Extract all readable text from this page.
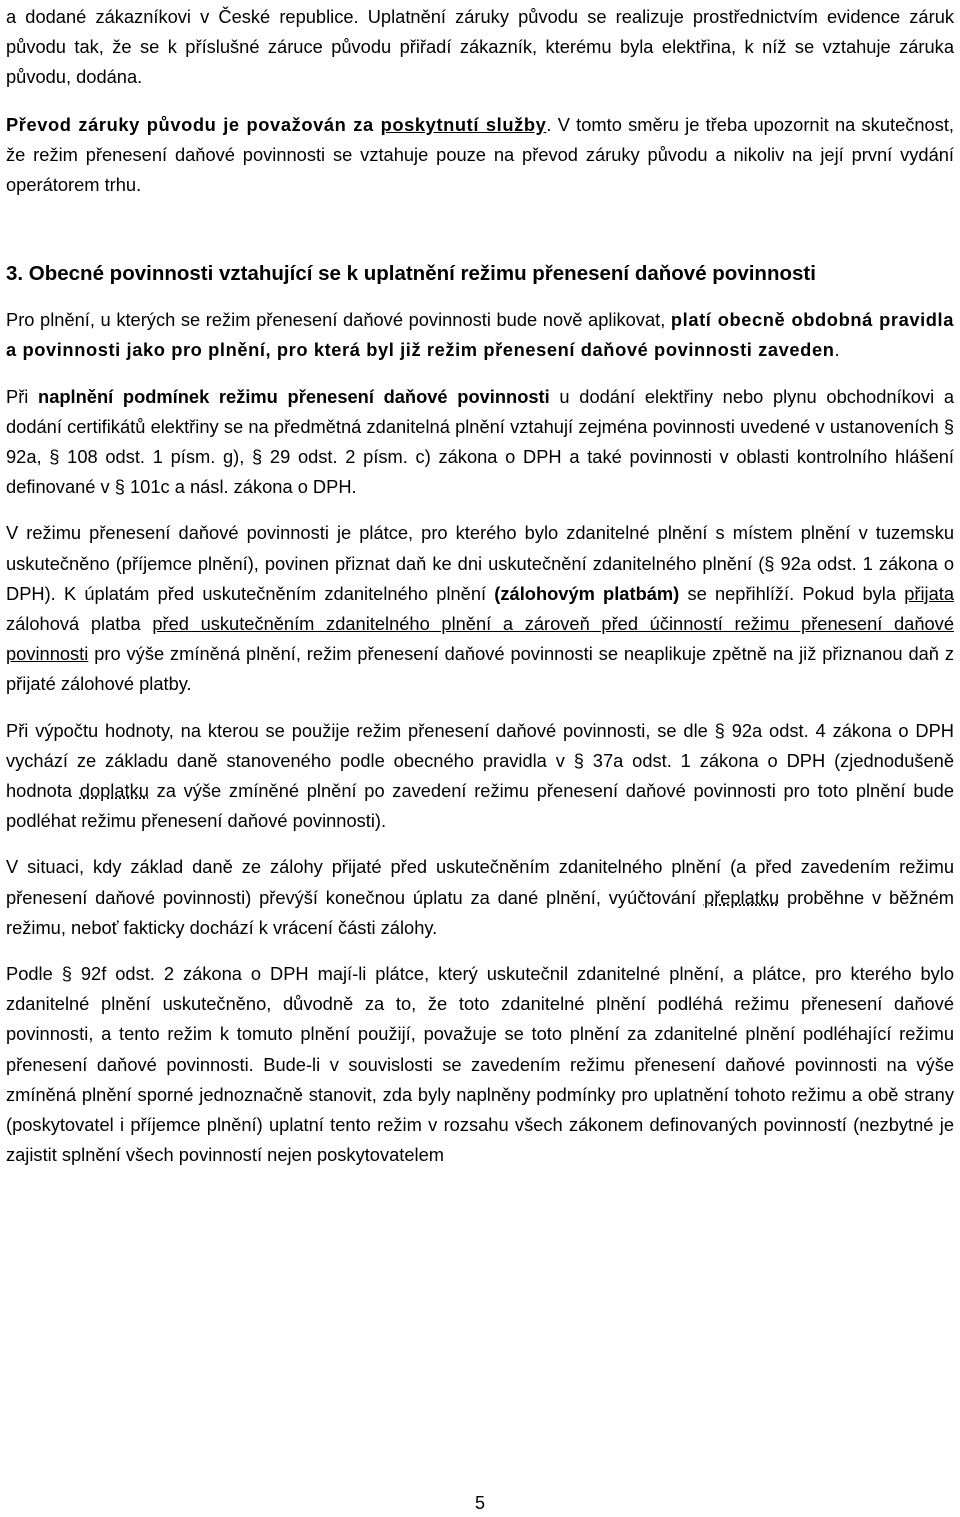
a dodané zákazníkovi v České republice. Uplatnění záruky původu se realizuje prostřednictvím evidence záruk původu tak, že se k příslušné záruce původu přiřadí zákazník, kterému byla elektřina, k níž se vztahuje záruka původu, dodána.

Převod záruky původu je považován za poskytnutí služby. V tomto směru je třeba upozornit na skutečnost, že režim přenesení daňové povinnosti se vztahuje pouze na převod záruky původu a nikoliv na její první vydání operátorem trhu.

3. Obecné povinnosti vztahující se k uplatnění režimu přenesení daňové povinnosti

Pro plnění, u kterých se režim přenesení daňové povinnosti bude nově aplikovat, platí obecně obdobná pravidla a povinnosti jako pro plnění, pro která byl již režim přenesení daňové povinnosti zaveden.

Při naplnění podmínek režimu přenesení daňové povinnosti u dodání elektřiny nebo plynu obchodníkovi a dodání certifikátů elektřiny se na předmětná zdanitelná plnění vztahují zejména povinnosti uvedené v ustanoveních § 92a, § 108 odst. 1 písm. g), § 29 odst. 2 písm. c) zákona o DPH a také povinnosti v oblasti kontrolního hlášení definované v § 101c a násl. zákona o DPH.

V režimu přenesení daňové povinnosti je plátce, pro kterého bylo zdanitelné plnění s místem plnění v tuzemsku uskutečněno (příjemce plnění), povinen přiznat daň ke dni uskutečnění zdanitelného plnění (§ 92a odst. 1 zákona o DPH). K úplatám před uskutečněním zdanitelného plnění (zálohovým platbám) se nepřihlíží. Pokud byla přijata zálohová platba před uskutečněním zdanitelného plnění a zároveň před účinností režimu přenesení daňové povinnosti pro výše zmíněná plnění, režim přenesení daňové povinnosti se neaplikuje zpětně na již přiznanou daň z přijaté zálohové platby.

Při výpočtu hodnoty, na kterou se použije režim přenesení daňové povinnosti, se dle § 92a odst. 4 zákona o DPH vychází ze základu daně stanoveného podle obecného pravidla v § 37a odst. 1 zákona o DPH (zjednodušeně hodnota doplatku za výše zmíněné plnění po zavedení režimu přenesení daňové povinnosti pro toto plnění bude podléhat režimu přenesení daňové povinnosti).

V situaci, kdy základ daně ze zálohy přijaté před uskutečněním zdanitelného plnění (a před zavedením režimu přenesení daňové povinnosti) převýší konečnou úplatu za dané plnění, vyúčtování přeplatku proběhne v běžném režimu, neboť fakticky dochází k vrácení části zálohy.

Podle § 92f odst. 2 zákona o DPH mají-li plátce, který uskutečnil zdanitelné plnění, a plátce, pro kterého bylo zdanitelné plnění uskutečněno, důvodně za to, že toto zdanitelné plnění podléhá režimu přenesení daňové povinnosti, a tento režim k tomuto plnění použijí, považuje se toto plnění za zdanitelné plnění podléhající režimu přenesení daňové povinnosti. Bude-li v souvislosti se zavedením režimu přenesení daňové povinnosti na výše zmíněná plnění sporné jednoznačně stanovit, zda byly naplněny podmínky pro uplatnění tohoto režimu a obě strany (poskytovatel i příjemce plnění) uplatní tento režim v rozsahu všech zákonem definovaných povinností (nezbytné je zajistit splnění všech povinností nejen poskytovatelem

5
